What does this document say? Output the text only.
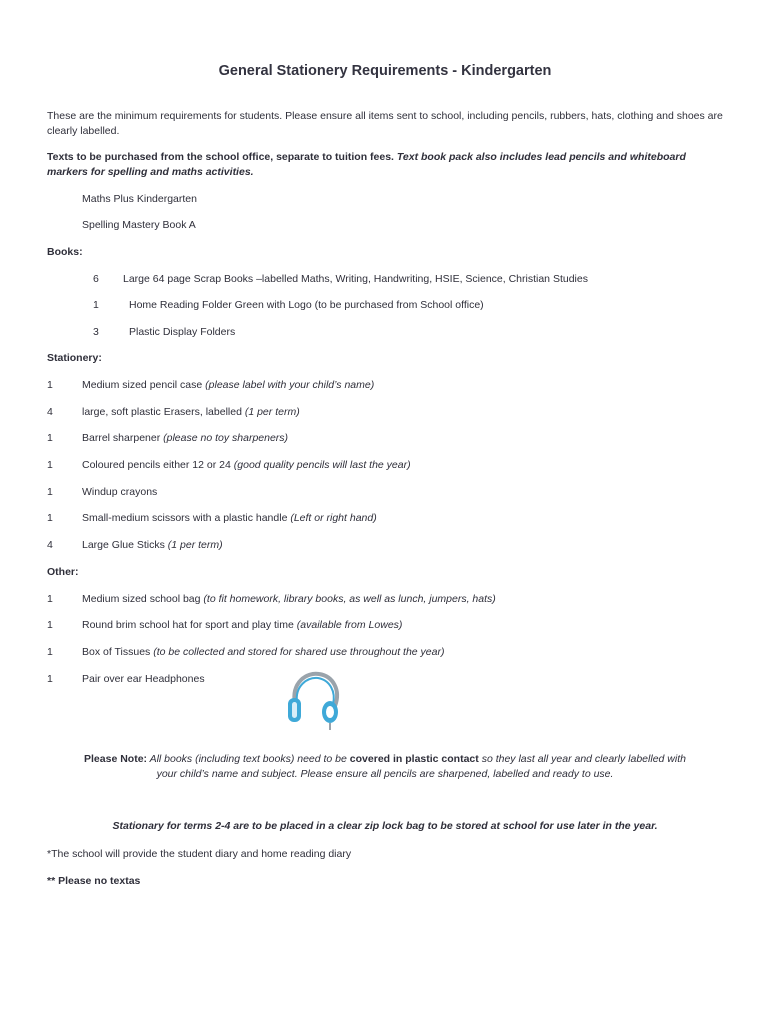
General Stationery Requirements - Kindergarten
These are the minimum requirements for students. Please ensure all items sent to school, including pencils, rubbers, hats, clothing and shoes are clearly labelled.
Texts to be purchased from the school office, separate to tuition fees. Text book pack also includes lead pencils and whiteboard markers for spelling and maths activities.
Maths Plus Kindergarten
Spelling Mastery Book A
Books:
6 Large 64 page Scrap Books –labelled Maths, Writing, Handwriting, HSIE, Science, Christian Studies
1	Home Reading Folder Green with Logo (to be purchased from School office)
3	Plastic Display Folders
Stationery:
1	Medium sized pencil case (please label with your child’s name)
4	large, soft plastic Erasers, labelled (1 per term)
1	Barrel sharpener (please no toy sharpeners)
1	Coloured pencils either 12 or 24 (good quality pencils will last the year)
1	Windup crayons
1	Small-medium scissors with a plastic handle (Left or right hand)
4	Large Glue Sticks (1 per term)
Other:
1	Medium sized school bag (to fit homework, library books, as well as lunch, jumpers, hats)
1	Round brim school hat for sport and play time (available from Lowes)
1	Box of Tissues (to be collected and stored for shared use throughout the year)
1	Pair over ear Headphones
Please Note: All books (including text books) need to be covered in plastic contact so they last all year and clearly labelled with
your child’s name and subject. Please ensure all pencils are sharpened, labelled and ready to use.
Stationary for terms 2-4 are to be placed in a clear zip lock bag to be stored at school for use later in the year.
*The school will provide the student diary and home reading diary
** Please no textas
